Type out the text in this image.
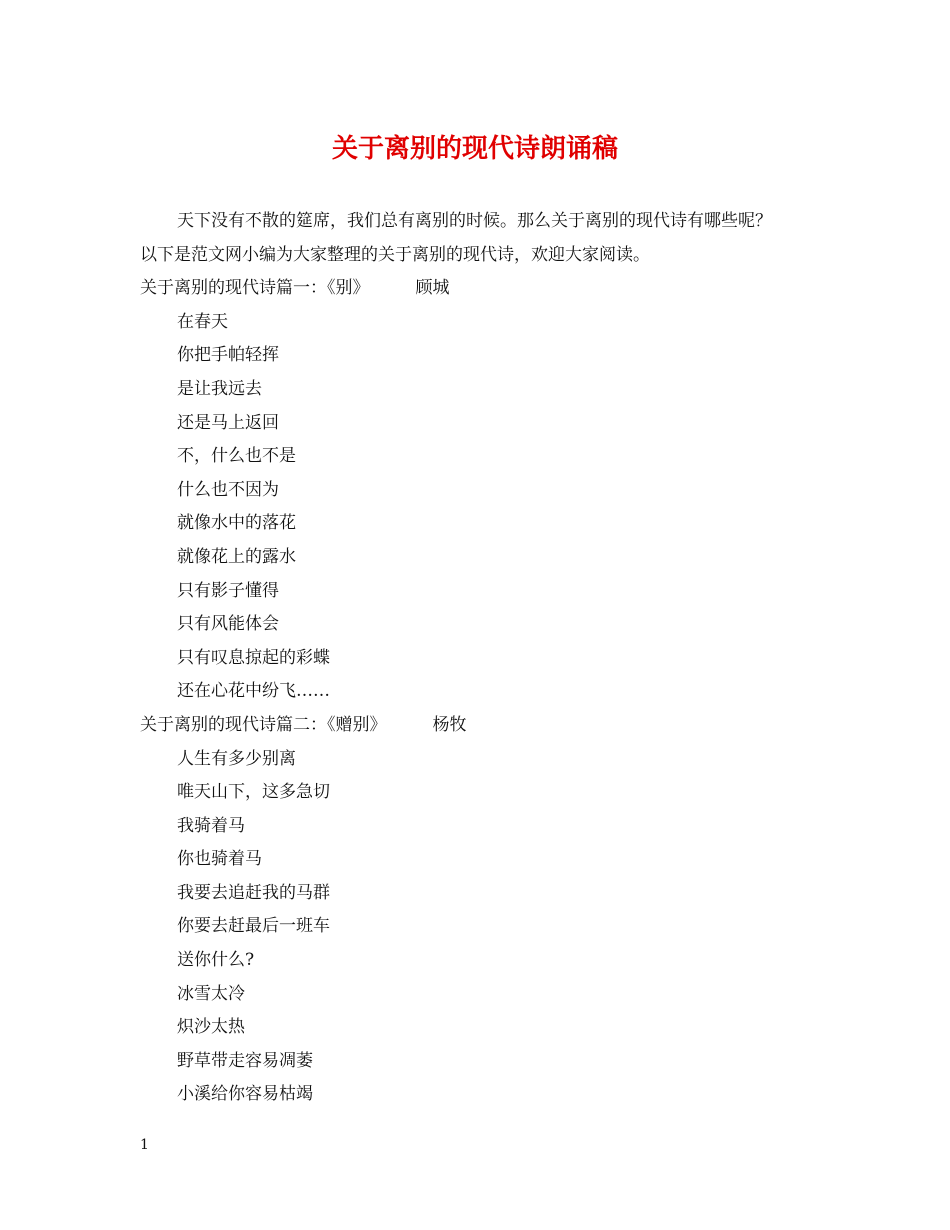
关于离别的现代诗朗诵稿
天下没有不散的筵席，我们总有离别的时候。那么关于离别的现代诗有哪些呢？
以下是范文网小编为大家整理的关于离别的现代诗，欢迎大家阅读。
关于离别的现代诗篇一：《别》	顾城
在春天
你把手帕轻挥
是让我远去
还是马上返回
不，什么也不是
什么也不因为
就像水中的落花
就像花上的露水
只有影子懂得
只有风能体会
只有叹息掠起的彩蝶
还在心花中纷飞……
关于离别的现代诗篇二：《赠别》	杨牧
人生有多少别离
唯天山下，这多急切
我骑着马
你也骑着马
我要去追赶我的马群
你要去赶最后一班车
送你什么?
冰雪太冷
炽沙太热
野草带走容易凋萎
小溪给你容易枯竭
1
